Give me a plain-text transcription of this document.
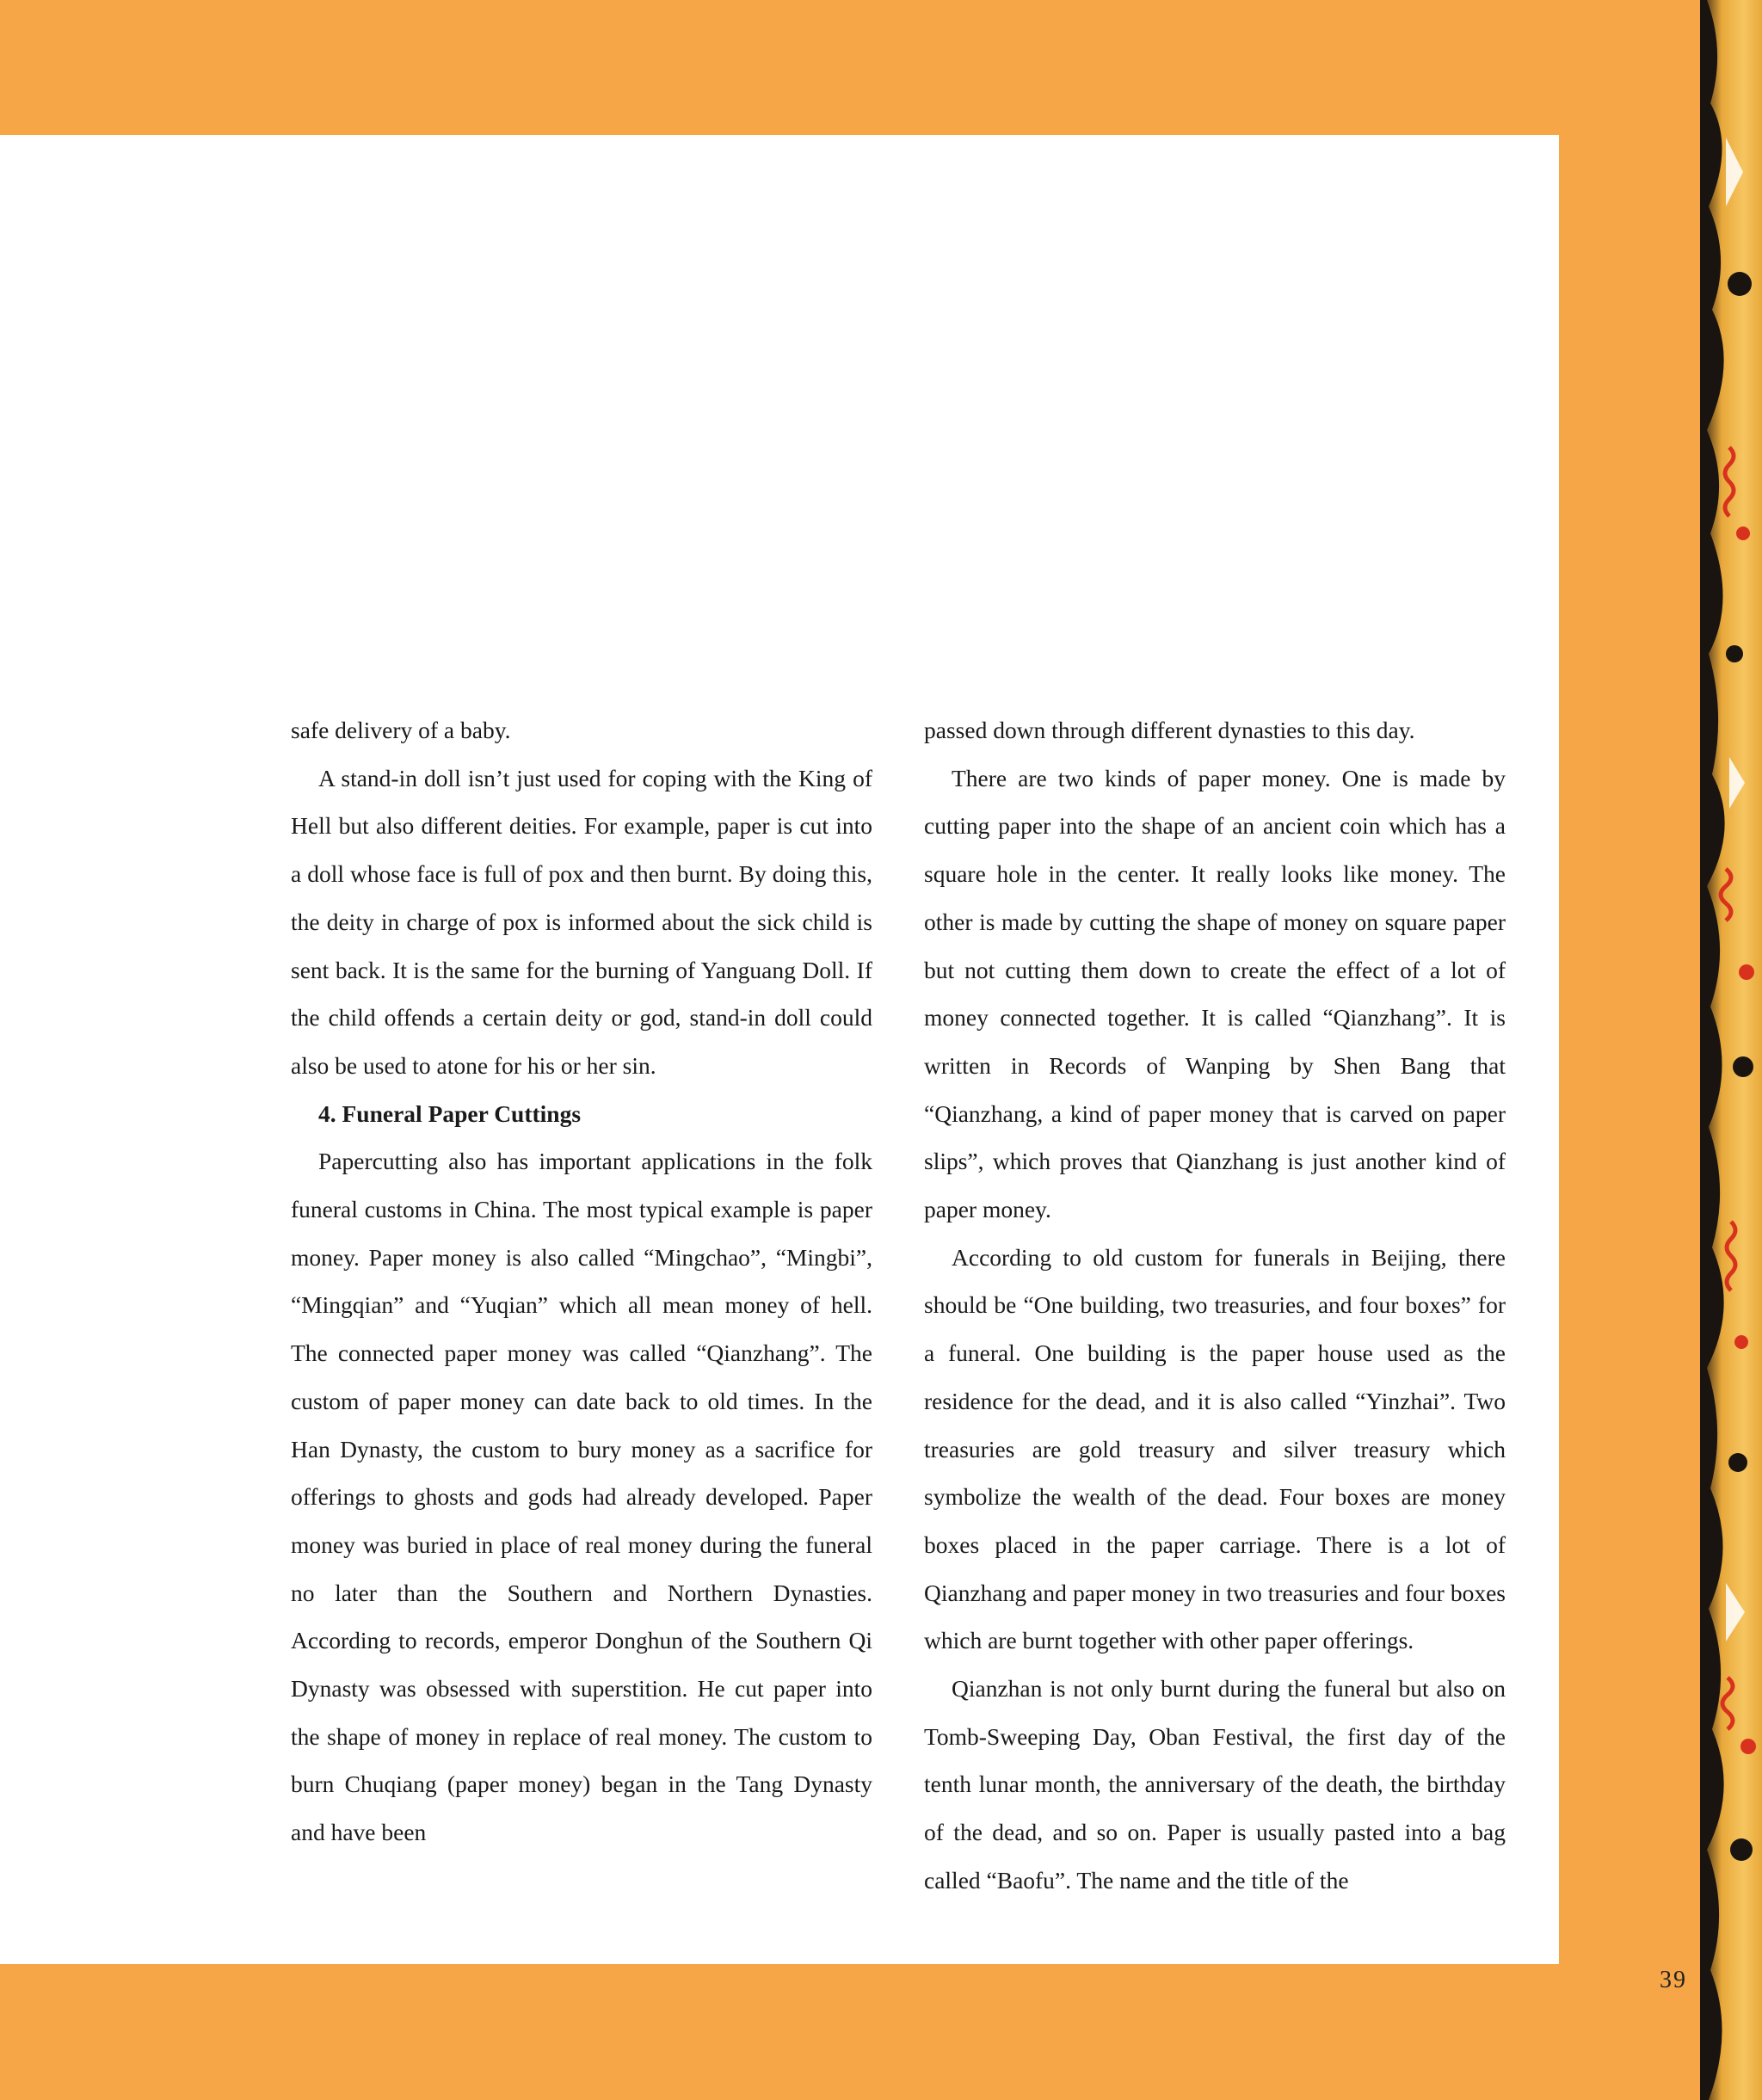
safe delivery of a baby.

A stand-in doll isn’t just used for coping with the King of Hell but also different deities. For example, paper is cut into a doll whose face is full of pox and then burnt. By doing this, the deity in charge of pox is informed about the sick child is sent back. It is the same for the burning of Yanguang Doll. If the child offends a certain deity or god, stand-in doll could also be used to atone for his or her sin.

4. Funeral Paper Cuttings

Papercutting also has important applications in the folk funeral customs in China. The most typical example is paper money. Paper money is also called “Mingchao”, “Mingbi”, “Mingqian” and “Yuqian” which all mean money of hell. The connected paper money was called “Qianzhang”. The custom of paper money can date back to old times. In the Han Dynasty, the custom to bury money as a sacrifice for offerings to ghosts and gods had already developed. Paper money was buried in place of real money during the funeral no later than the Southern and Northern Dynasties. According to records, emperor Donghun of the Southern Qi Dynasty was obsessed with superstition. He cut paper into the shape of money in replace of real money. The custom to burn Chuqiang (paper money) began in the Tang Dynasty and have been

passed down through different dynasties to this day.

There are two kinds of paper money. One is made by cutting paper into the shape of an ancient coin which has a square hole in the center. It really looks like money. The other is made by cutting the shape of money on square paper but not cutting them down to create the effect of a lot of money connected together. It is called “Qianzhang”. It is written in Records of Wanping by Shen Bang that “Qianzhang, a kind of paper money that is carved on paper slips”, which proves that Qianzhang is just another kind of paper money.

According to old custom for funerals in Beijing, there should be “One building, two treasuries, and four boxes” for a funeral. One building is the paper house used as the residence for the dead, and it is also called “Yinzhai”. Two treasuries are gold treasury and silver treasury which symbolize the wealth of the dead. Four boxes are money boxes placed in the paper carriage. There is a lot of Qianzhang and paper money in two treasuries and four boxes which are burnt together with other paper offerings.

Qianzhan is not only burnt during the funeral but also on Tomb-Sweeping Day, Oban Festival, the first day of the tenth lunar month, the anniversary of the death, the birthday of the dead, and so on. Paper is usually pasted into a bag called “Baofu”. The name and the title of the

39
